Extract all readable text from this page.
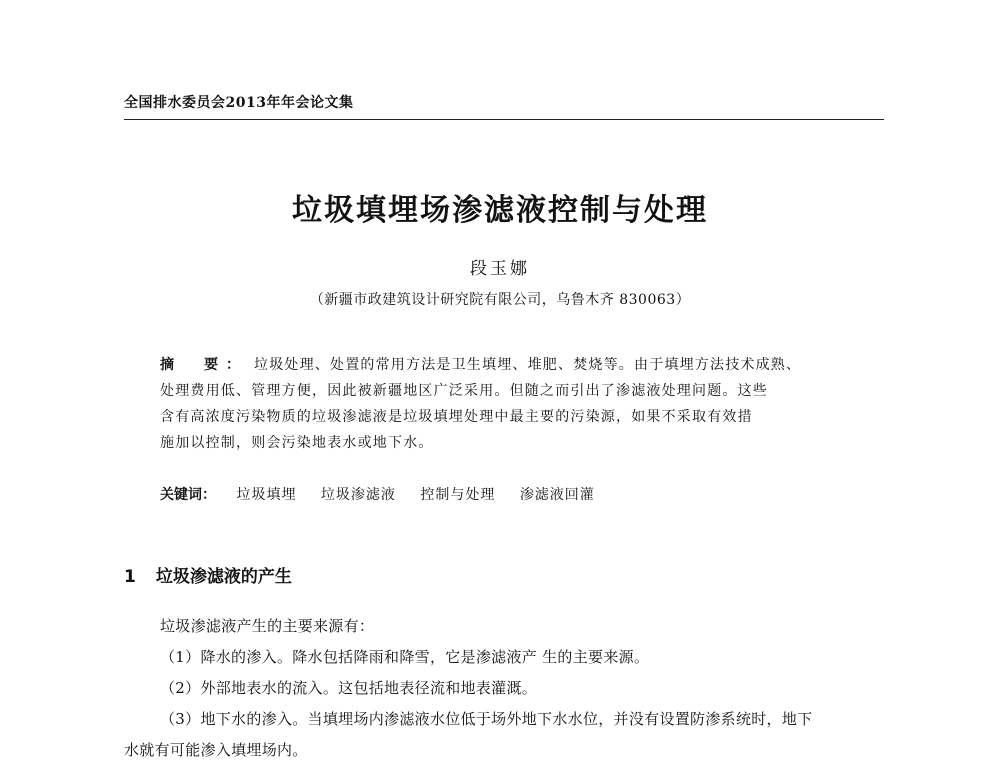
全国排水委员会2013年年会论文集
垃圾填埋场渗滤液控制与处理
段玉娜
（新疆市政建筑设计研究院有限公司，乌鲁木齐 830063）
摘　要： 垃圾处理、处置的常用方法是卫生填埋、堆肥、焚烧等。由于填埋方法技术成熟、
处理费用低、管理方便，因此被新疆地区广泛采用。但随之而引出了渗滤液处理问题。这些
含有高浓度污染物质的垃圾渗滤液是垃圾填埋处理中最主要的污染源，如果不采取有效措
施加以控制，则会污染地表水或地下水。
关键词： 垃圾填埋 垃圾渗滤液 控制与处理 渗滤液回灌
1 垃圾渗滤液的产生
垃圾渗滤液产生的主要来源有：
（1）降水的渗入。降水包括降雨和降雪，它是渗滤液产 生的主要来源。
（2）外部地表水的流入。这包括地表径流和地表灌溉。
（3）地下水的渗入。当填埋场内渗滤液水位低于场外地下水水位，并没有设置防渗系统时，地下
水就有可能渗入填埋场内。
